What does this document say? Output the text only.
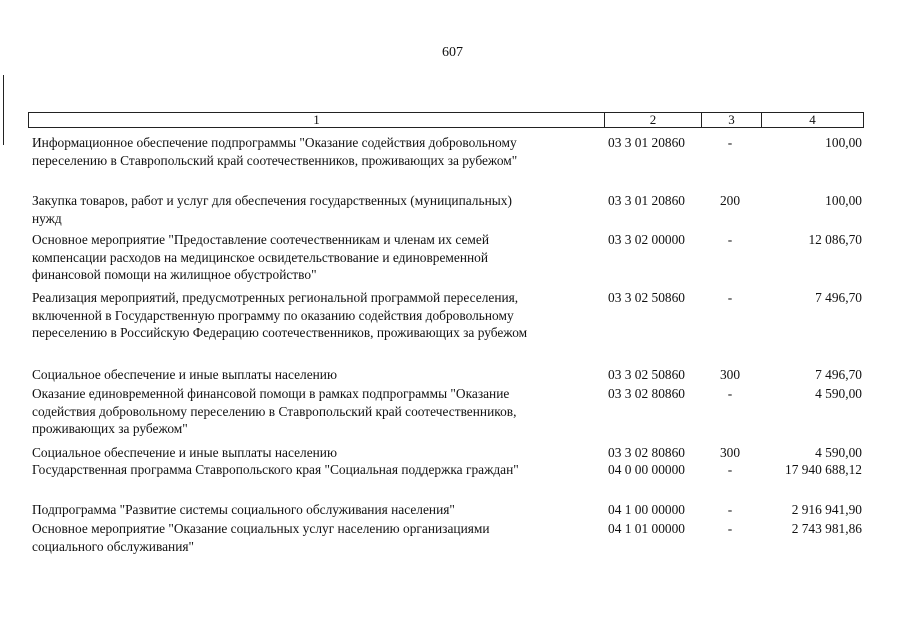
607
1	2	3	4
Информационное обеспечение подпрограммы "Оказание содействия добровольному
переселению в Ставропольский край соотечественников, проживающих за рубежом"
03 3 01 20860	-	100,00
Закупка товаров, работ и услуг для обеспечения государственных (муниципальных)
нужд
03 3 01 20860	200	100,00
Основное мероприятие "Предоставление соотечественникам и членам их семей
компенсации расходов на медицинское освидетельствование и единовременной
финансовой помощи на жилищное обустройство"
03 3 02 00000	-	12 086,70
Реализация мероприятий, предусмотренных региональной программой переселения,
включенной в Государственную программу по оказанию содействия добровольному
переселению в Российскую Федерацию соотечественников, проживающих за рубежом
03 3 02 50860	-	7 496,70
Социальное обеспечение и иные выплаты населению	03 3 02 50860	300	7 496,70
Оказание единовременной финансовой помощи в рамках подпрограммы "Оказание
содействия добровольному переселению в Ставропольский край соотечественников,
проживающих за рубежом"
03 3 02 80860	-	4 590,00
Социальное обеспечение и иные выплаты населению	03 3 02 80860	300	4 590,00
Государственная программа Ставропольского края "Социальная поддержка граждан"	04 0 00 00000	-	17 940 688,12
Подпрограмма "Развитие системы социального обслуживания населения"	04 1 00 00000	-	2 916 941,90
Основное мероприятие "Оказание социальных услуг населению организациями
социального обслуживания"
04 1 01 00000	-	2 743 981,86
